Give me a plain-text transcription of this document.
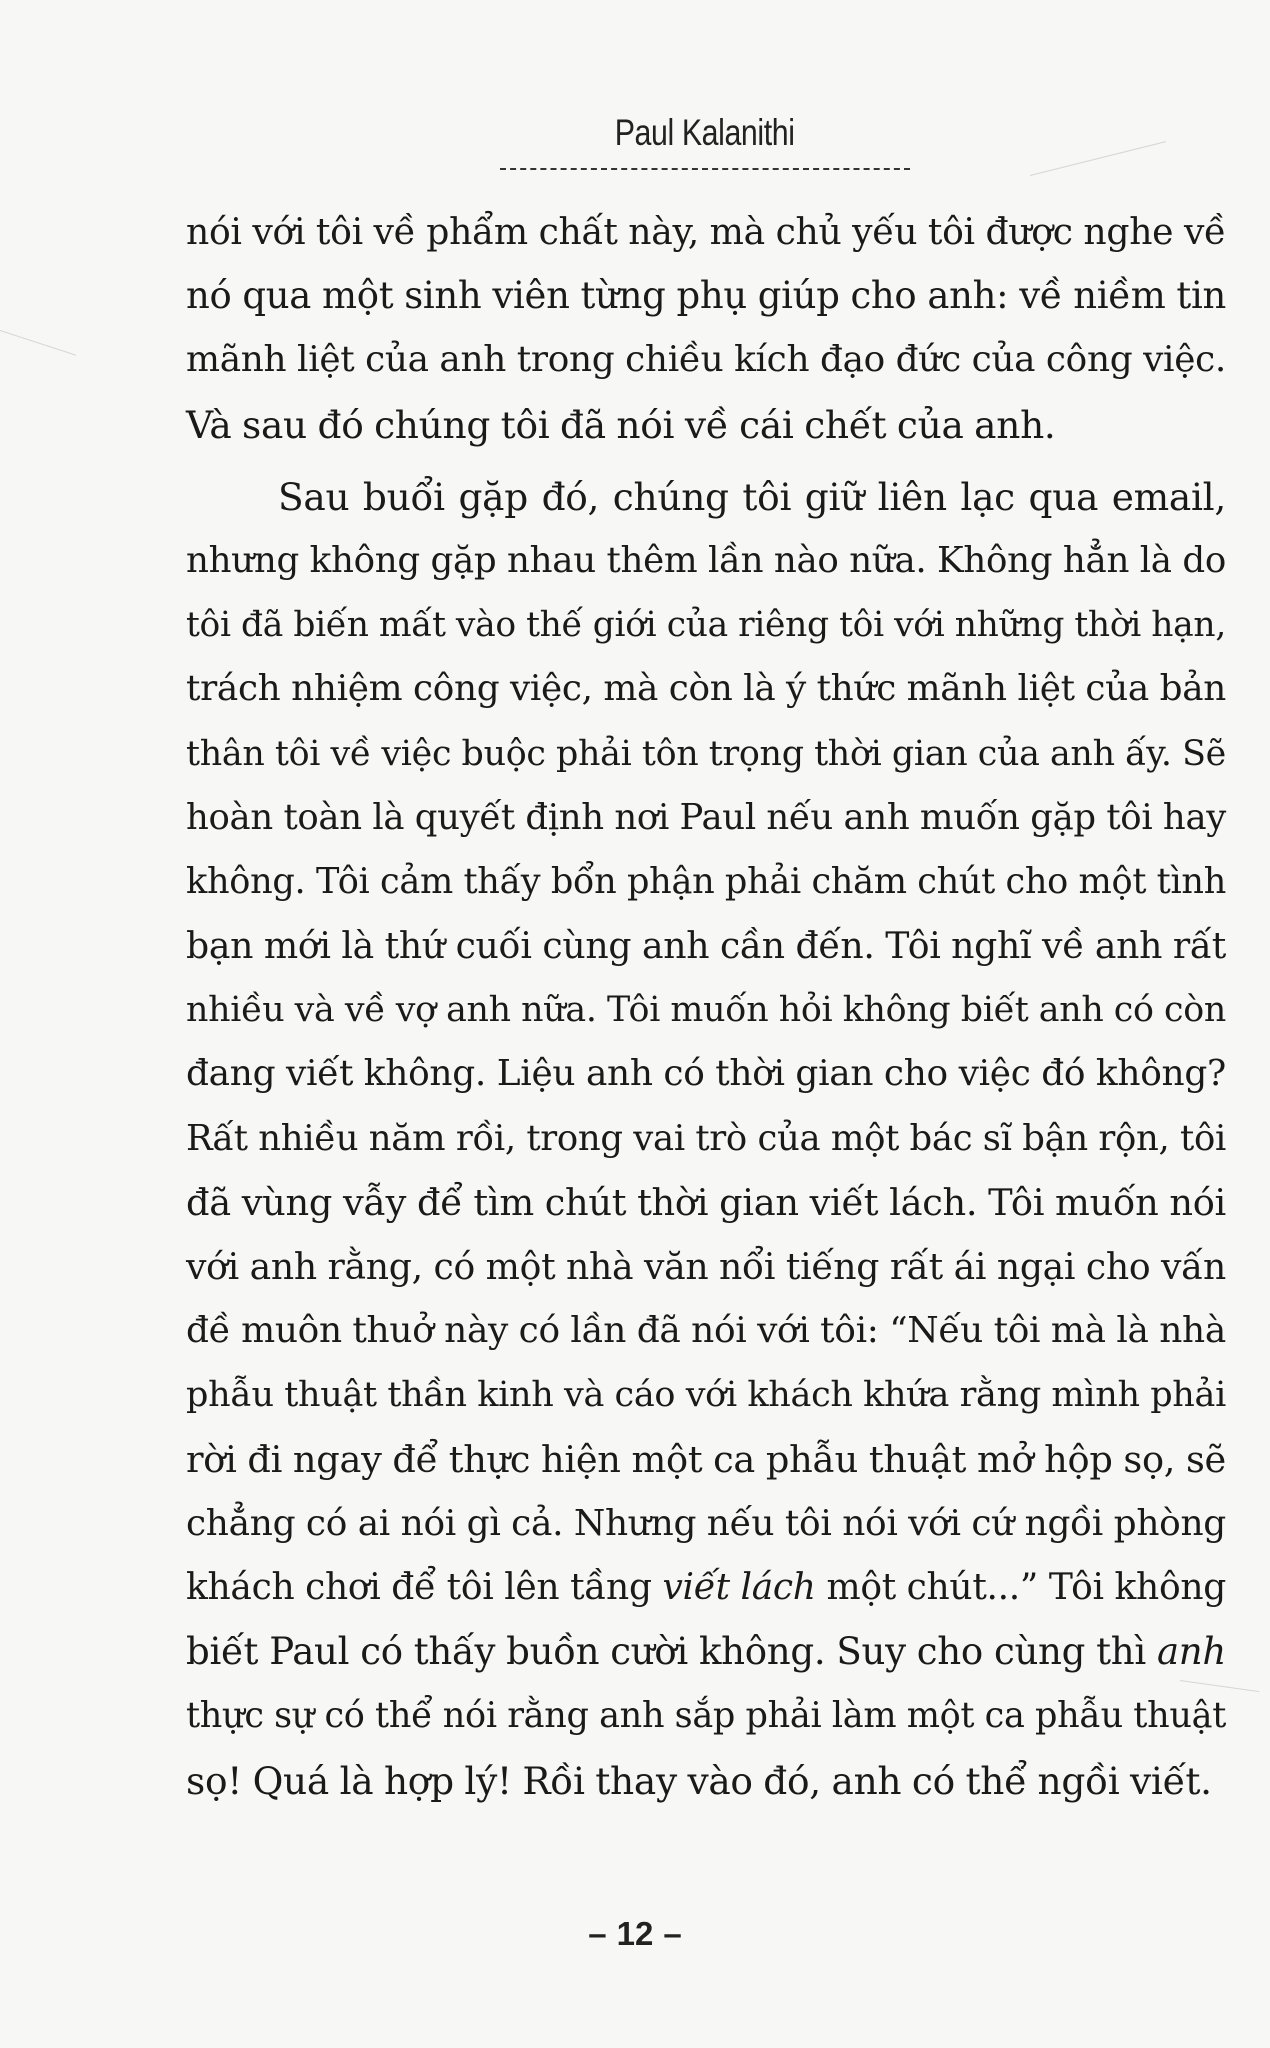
Paul Kalanithi
nói với tôi về phẩm chất này, mà chủ yếu tôi được nghe về
nó qua một sinh viên từng phụ giúp cho anh: về niềm tin
mãnh liệt của anh trong chiều kích đạo đức của công việc.
Và sau đó chúng tôi đã nói về cái chết của anh.
Sau buổi gặp đó, chúng tôi giữ liên lạc qua email,
nhưng không gặp nhau thêm lần nào nữa. Không hẳn là do
tôi đã biến mất vào thế giới của riêng tôi với những thời hạn,
trách nhiệm công việc, mà còn là ý thức mãnh liệt của bản
thân tôi về việc buộc phải tôn trọng thời gian của anh ấy. Sẽ
hoàn toàn là quyết định nơi Paul nếu anh muốn gặp tôi hay
không. Tôi cảm thấy bổn phận phải chăm chút cho một tình
bạn mới là thứ cuối cùng anh cần đến. Tôi nghĩ về anh rất
nhiều và về vợ anh nữa. Tôi muốn hỏi không biết anh có còn
đang viết không. Liệu anh có thời gian cho việc đó không?
Rất nhiều năm rồi, trong vai trò của một bác sĩ bận rộn, tôi
đã vùng vẫy để tìm chút thời gian viết lách. Tôi muốn nói
với anh rằng, có một nhà văn nổi tiếng rất ái ngại cho vấn
đề muôn thuở này có lần đã nói với tôi: “Nếu tôi mà là nhà
phẫu thuật thần kinh và cáo với khách khứa rằng mình phải
rời đi ngay để thực hiện một ca phẫu thuật mở hộp sọ, sẽ
chẳng có ai nói gì cả. Nhưng nếu tôi nói với cứ ngồi phòng
khách chơi để tôi lên tầng viết lách một chút...” Tôi không
biết Paul có thấy buồn cười không. Suy cho cùng thì anh
thực sự có thể nói rằng anh sắp phải làm một ca phẫu thuật
sọ! Quá là hợp lý! Rồi thay vào đó, anh có thể ngồi viết.
– 12 –
